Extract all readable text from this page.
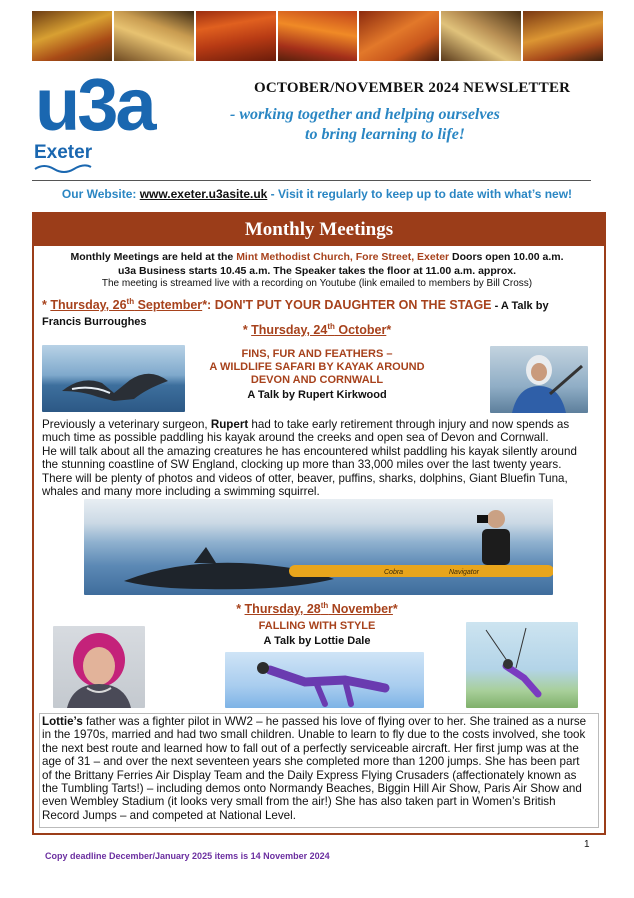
u3a
Exeter
OCTOBER/NOVEMBER 2024 NEWSLETTER
- working together and helping ourselves
to bring learning to life!
Our Website: www.exeter.u3asite.uk - Visit it regularly to keep up to date with what’s new!
Monthly Meetings
Monthly Meetings are held at the Mint Methodist Church, Fore Street, Exeter Doors open 10.00 a.m.
u3a Business starts 10.45 a.m. The Speaker takes the floor at 11.00 a.m. approx.
The meeting is streamed live with a recording on Youtube (link emailed to members by Bill Cross)
* Thursday, 26th September*: DON'T PUT YOUR DAUGHTER ON THE STAGE - A Talk by
Francis Burroughes
* Thursday, 24th October*
FINS, FUR AND FEATHERS –
A WILDLIFE SAFARI BY KAYAK AROUND
DEVON AND CORNWALL
A Talk by Rupert Kirkwood
Previously a veterinary surgeon, Rupert had to take early retirement through injury and now spends as
much time as possible paddling his kayak around the creeks and open sea of Devon and Cornwall.
He will talk about all the amazing creatures he has encountered whilst paddling his kayak silently around
the stunning coastline of SW England, clocking up more than 33,000 miles over the last twenty years.
There will be plenty of photos and videos of otter, beaver, puffins, sharks, dolphins, Giant Bluefin Tuna,
whales and many more including a swimming squirrel.
Cobra	Navigator
* Thursday, 28th November*
FALLING WITH STYLE
A Talk by Lottie Dale
Lottie’s father was a fighter pilot in WW2 – he passed his love of flying over to her. She trained as a nurse
in the 1970s, married and had two small children. Unable to learn to fly due to the costs involved, she took
the next best route and learned how to fall out of a perfectly serviceable aircraft. Her first jump was at the
age of 31 – and over the next seventeen years she completed more than 1200 jumps. She has been part
of the Brittany Ferries Air Display Team and the Daily Express Flying Crusaders (affectionately known as
the Tumbling Tarts!) – including demos onto Normandy Beaches, Biggin Hill Air Show, Paris Air Show and
even Wembley Stadium (it looks very small from the air!) She has also taken part in Women’s British
Record Jumps – and competed at National Level.
1
Copy deadline December/January 2025 items is 14 November 2024
